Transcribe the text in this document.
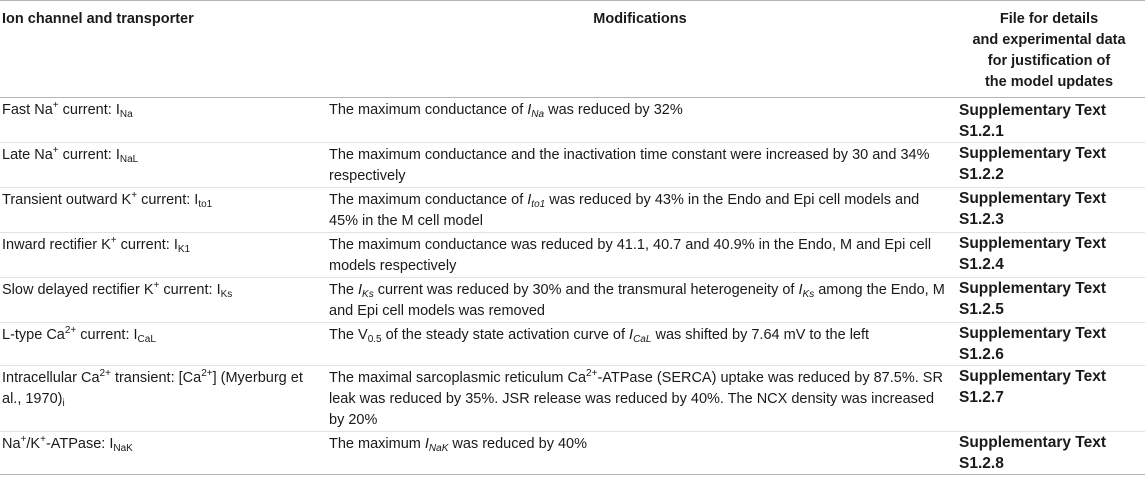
Ion channel and transporter	Modifications	File for details
and experimental data
for justification of
the model updates
Fast Na+ current: $I_{Na}$	The maximum conductance of $I_{Na}$ was reduced by 32%	Supplementary Text
S1.2.1
Late Na+ current: $I_{NaL}$	The maximum conductance and the inactivation time constant were increased by 30 and 34% respectively	Supplementary Text
S1.2.2
Transient outward K+ current: $I_{to1}$	The maximum conductance of $I_{to1}$ was reduced by 43% in the Endo and Epi cell models and 45% in the M cell model	Supplementary Text
S1.2.3
Inward rectifier K+ current: $I_{K1}$	The maximum conductance was reduced by 41.1, 40.7 and 40.9% in the Endo, M and Epi cell models respectively	Supplementary Text
S1.2.4
Slow delayed rectifier K+ current: $I_{Ks}$	The $I_{Ks}$ current was reduced by 30% and the transmural heterogeneity of $I_{Ks}$ among the Endo, M and Epi cell models was removed	Supplementary Text
S1.2.5
L-type $Ca^{2+}$ current: $I_{CaL}$	The $V_{0.5}$ of the steady state activation curve of $I_{CaL}$ was shifted by 7.64 mV to the left	Supplementary Text
S1.2.6
Intracellular $Ca^{2+}$ transient: $[Ca^{2+}]$ (Myerburg et al., $1970)_i$	The maximal sarcoplasmic reticulum $Ca^{2+}$-ATPase (SERCA) uptake was reduced by 87.5%. SR leak was reduced by 35%. JSR release was reduced by 40%. The NCX density was increased by 20%	Supplementary Text
S1.2.7
Na+/K+-ATPase: $I_{NaK}$	The maximum $I_{NaK}$ was reduced by 40%	Supplementary Text
S1.2.8
